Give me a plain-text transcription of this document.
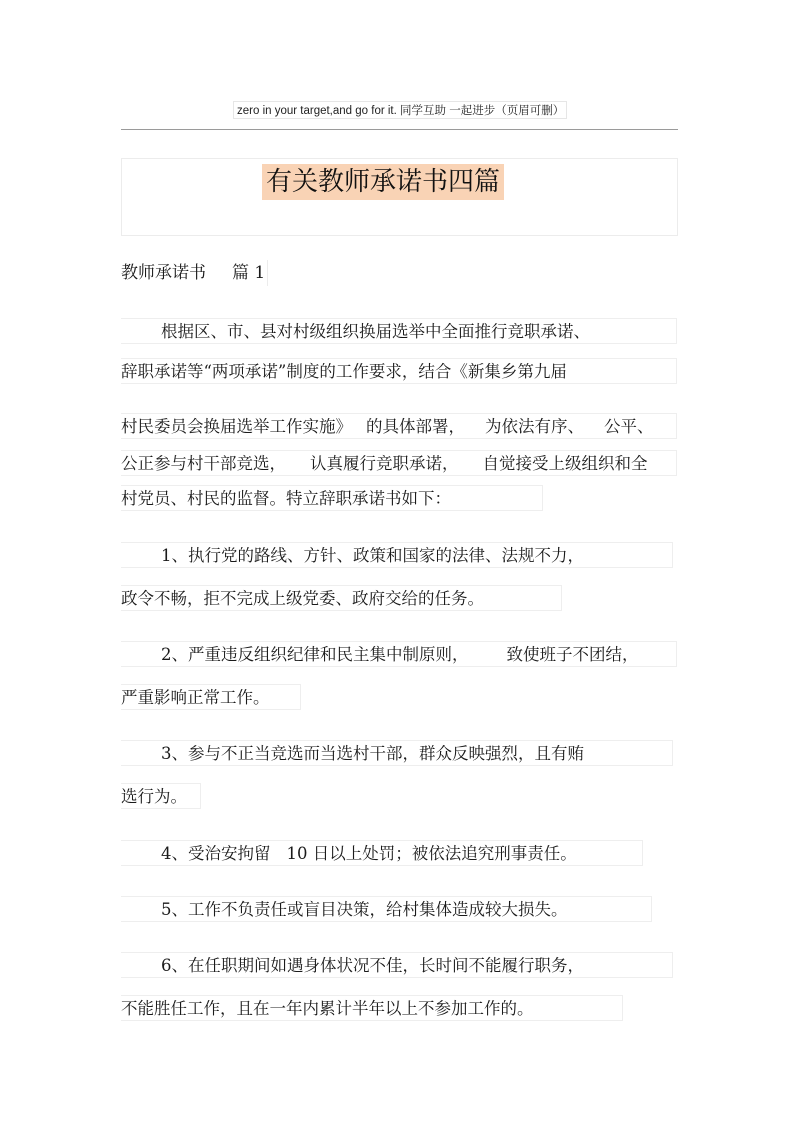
zero in your target,and go for it. 同学互助 一起进步（页眉可删）
有关教师承诺书四篇
教师承诺书 篇 1
根据区、市、县对村级组织换届选举中全面推行竞职承诺、
辞职承诺等“两项承诺”制度的工作要求，结合《新集乡第九届
村民委员会换届选举工作实施》 的具体部署， 为依法有序、 公平、
公正参与村干部竞选， 认真履行竞职承诺， 自觉接受上级组织和全
村党员、村民的监督。特立辞职承诺书如下：
1、执行党的路线、方针、政策和国家的法律、法规不力，
政令不畅，拒不完成上级党委、政府交给的任务。
2、严重违反组织纪律和民主集中制原则， 致使班子不团结，
严重影响正常工作。
3、参与不正当竞选而当选村干部，群众反映强烈，且有贿
选行为。
4、受治安拘留 10 日以上处罚；被依法追究刑事责任。
5、工作不负责任或盲目决策，给村集体造成较大损失。
6、在任职期间如遇身体状况不佳，长时间不能履行职务，
不能胜任工作，且在一年内累计半年以上不参加工作的。
